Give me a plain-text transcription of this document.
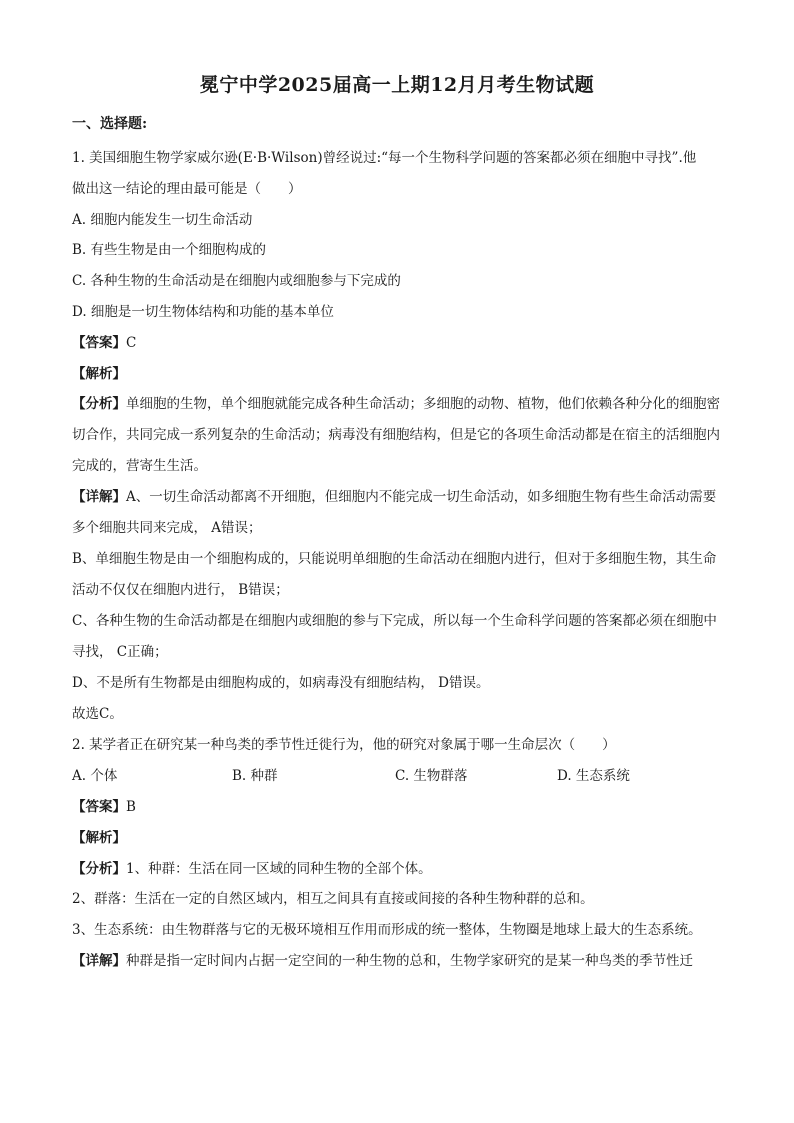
冕宁中学2025届高一上期12月月考生物试题
一、选择题:

1. 美国细胞生物学家威尔逊(E·B·Wilson)曾经说过:“每一个生物科学问题的答案都必须在细胞中寻找”.他

做出这一结论的理由最可能是（　　）

A. 细胞内能发生一切生命活动

B. 有些生物是由一个细胞构成的

C. 各种生物的生命活动是在细胞内或细胞参与下完成的

D. 细胞是一切生物体结构和功能的基本单位

【答案】C

【解析】

【分析】单细胞的生物，单个细胞就能完成各种生命活动；多细胞的动物、植物，他们依赖各种分化的细胞密切合作，共同完成一系列复杂的生命活动；病毒没有细胞结构，但是它的各项生命活动都是在宿主的活细胞内完成的，营寄生生活。

【详解】A、一切生命活动都离不开细胞，但细胞内不能完成一切生命活动，如多细胞生物有些生命活动需要多个细胞共同来完成， A错误；

B、单细胞生物是由一个细胞构成的，只能说明单细胞的生命活动在细胞内进行，但对于多细胞生物，其生命活动不仅仅在细胞内进行， B错误；

C、各种生物的生命活动都是在细胞内或细胞的参与下完成，所以每一个生命科学问题的答案都必须在细胞中寻找， C正确；

D、不是所有生物都是由细胞构成的，如病毒没有细胞结构， D错误。

故选C。

2. 某学者正在研究某一种鸟类的季节性迁徙行为，他的研究对象属于哪一生命层次（　　）

A. 个体	B. 种群	C. 生物群落	D. 生态系统

【答案】B

【解析】

【分析】1、种群：生活在同一区域的同种生物的全部个体。

2、群落：生活在一定的自然区域内，相互之间具有直接或间接的各种生物种群的总和。

3、生态系统：由生物群落与它的无极环境相互作用而形成的统一整体，生物圈是地球上最大的生态系统。

【详解】种群是指一定时间内占据一定空间的一种生物的总和，生物学家研究的是某一种鸟类的季节性迁
